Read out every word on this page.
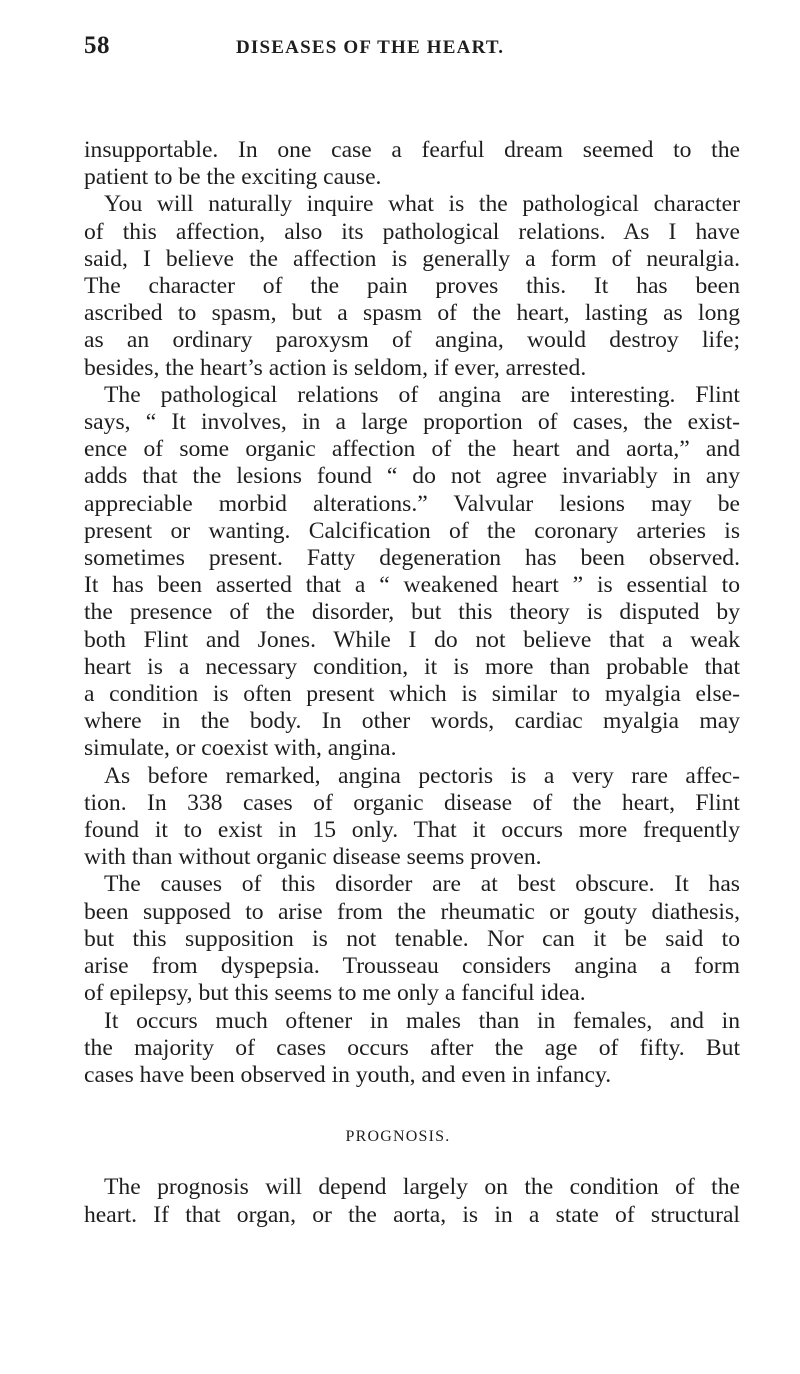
58	DISEASES OF THE HEART.
insupportable. In one case a fearful dream seemed to the
patient to be the exciting cause.
You will naturally inquire what is the pathological character
of this affection, also its pathological relations. As I have
said, I believe the affection is generally a form of neuralgia.
The character of the pain proves this. It has been
ascribed to spasm, but a spasm of the heart, lasting as long
as an ordinary paroxysm of angina, would destroy life;
besides, the heart’s action is seldom, if ever, arrested.
The pathological relations of angina are interesting. Flint
says, “ It involves, in a large proportion of cases, the exist-
ence of some organic affection of the heart and aorta,” and
adds that the lesions found “ do not agree invariably in any
appreciable morbid alterations.” Valvular lesions may be
present or wanting. Calcification of the coronary arteries is
sometimes present. Fatty degeneration has been observed.
It has been asserted that a “ weakened heart ” is essential to
the presence of the disorder, but this theory is disputed by
both Flint and Jones. While I do not believe that a weak
heart is a necessary condition, it is more than probable that
a condition is often present which is similar to myalgia else-
where in the body. In other words, cardiac myalgia may
simulate, or coexist with, angina.
As before remarked, angina pectoris is a very rare affec-
tion. In 338 cases of organic disease of the heart, Flint
found it to exist in 15 only. That it occurs more frequently
with than without organic disease seems proven.
The causes of this disorder are at best obscure. It has
been supposed to arise from the rheumatic or gouty diathesis,
but this supposition is not tenable. Nor can it be said to
arise from dyspepsia. Trousseau considers angina a form
of epilepsy, but this seems to me only a fanciful idea.
It occurs much oftener in males than in females, and in
the majority of cases occurs after the age of fifty. But
cases have been observed in youth, and even in infancy.
PROGNOSIS.
The prognosis will depend largely on the condition of the
heart. If that organ, or the aorta, is in a state of structural
